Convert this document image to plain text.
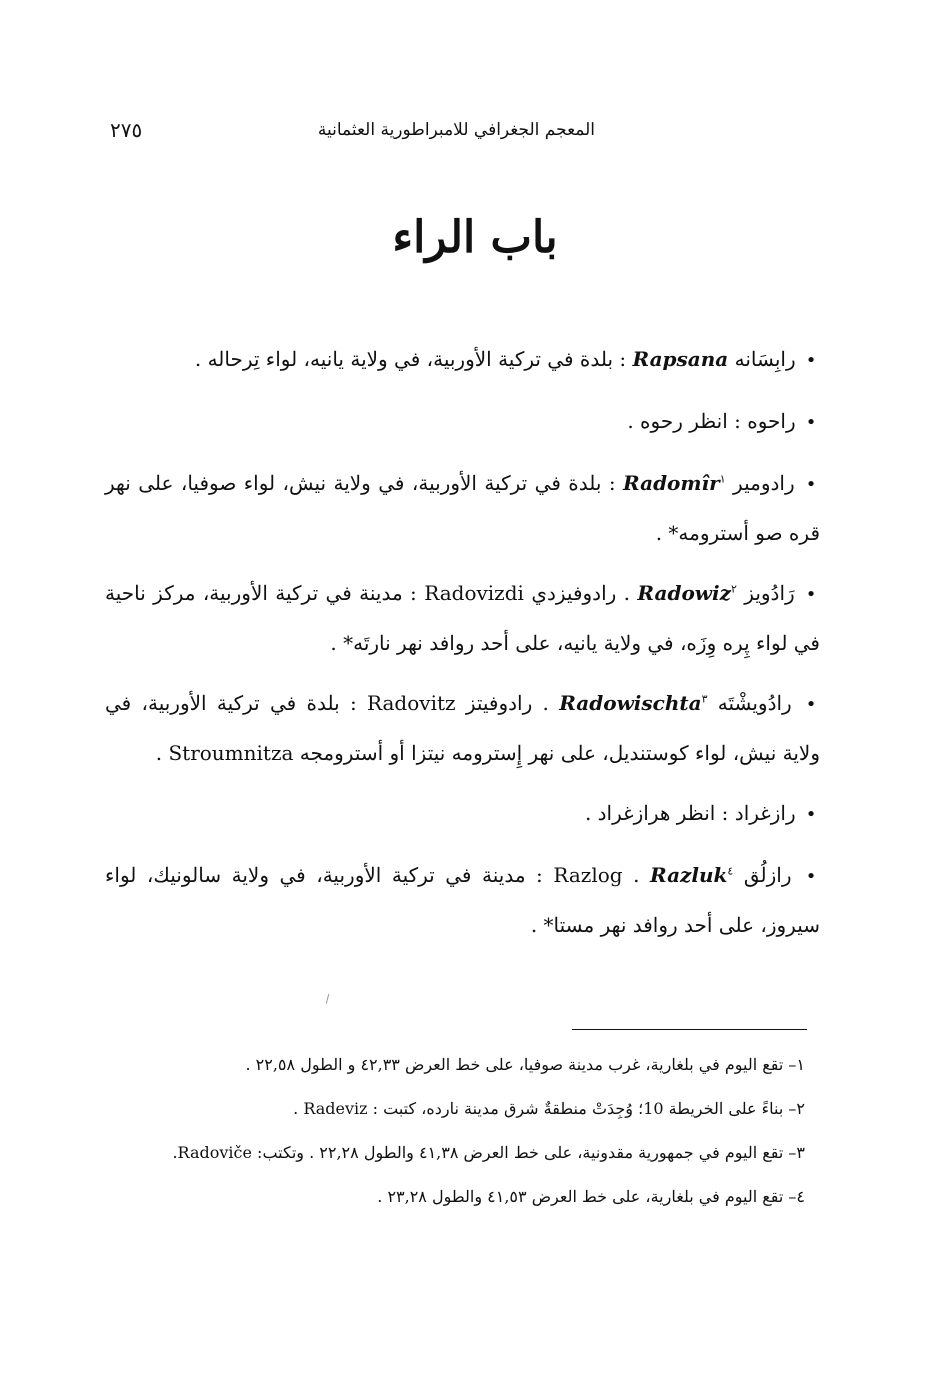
المعجم الجغرافي للامبراطورية العثمانية
٢٧٥
باب الراء
• رابِسَانه Rapsana : بلدة في تركية الأوربية، في ولاية يانيه، لواء تِرحاله .
• راحوه : انظر رحوه .
• رادومير Radomîr$^١$ : بلدة في تركية الأوربية، في ولاية نيش، لواء صوفيا، على نهر قره صو أسترومه* .
• رَادُويز Radowiz$^٢$ . رادوفيزدي Radovizdi : مدينة في تركية الأوربية، مركز ناحية في لواء پِره وِزَه، في ولاية يانيه، على أحد روافد نهر نارتَه* .
• رادُويشْتَه Radowischta$^٣$ . رادوفيتز Radovitz : بلدة في تركية الأوربية، في ولاية نيش، لواء كوستنديل، على نهر إِسترومه نيتزا أو أسترومجه Stroumnitza .
• رازغراد : انظر هرازغراد .
• رازلُق Razluk$^٤$ . Razlog : مدينة في تركية الأوربية، في ولاية سالونيك، لواء سيروز، على أحد روافد نهر مستا* .
١– تقع اليوم في بلغارية، غرب مدينة صوفيا، على خط العرض ٤٢,٣٣ و الطول ٢٢,٥٨ .
٢– بناءً على الخريطة 10؛ وُجِدَتْ منطقةٌ شرق مدينة نارده، كتبت : Radeviz .
٣– تقع اليوم في جمهورية مقدونية، على خط العرض ٤١,٣٨ والطول ٢٢,٢٨ . وتكتب: Radoviče.
٤– تقع اليوم في بلغارية، على خط العرض ٤١,٥٣ والطول ٢٣,٢٨ .
